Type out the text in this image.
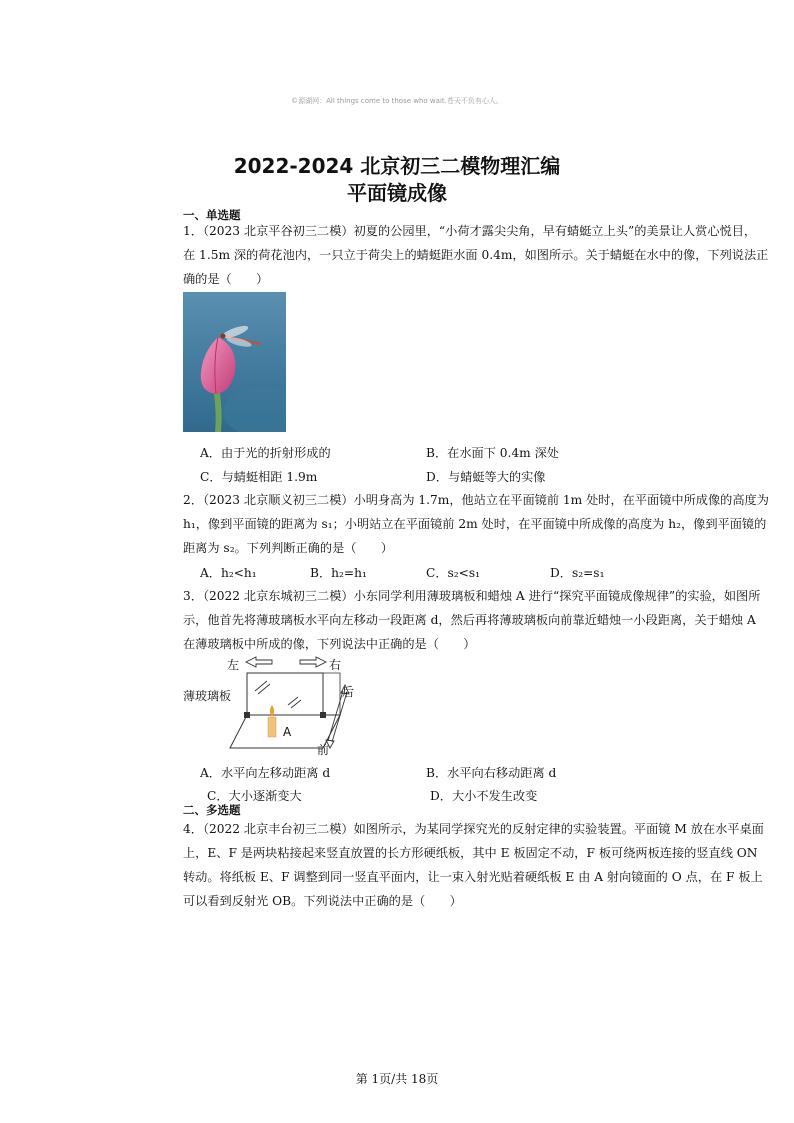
©源湖网：All things come to those who wait.苍天不负有心人。
2022-2024 北京初三二模物理汇编
平面镜成像
一、单选题
1．（2023 北京平谷初三二模）初夏的公园里，“小荷才露尖尖角，早有蜻蜓立上头”的美景让人赏心悦目，
在 1.5m 深的荷花池内，一只立于荷尖上的蜻蜓距水面 0.4m，如图所示。关于蜻蜓在水中的像，下列说法正
确的是（　　）
A．由于光的折射形成的	B．在水面下 0.4m 深处
C．与蜻蜓相距 1.9m	D．与蜻蜓等大的实像
2．（2023 北京顺义初三二模）小明身高为 1.7m，他站立在平面镜前 1m 处时，在平面镜中所成像的高度为
h₁，像到平面镜的距离为 s₁；小明站立在平面镜前 2m 处时，在平面镜中所成像的高度为 h₂，像到平面镜的
距离为 s₂。下列判断正确的是（　　）
A．h₂<h₁	B．h₂=h₁	C．s₂<s₁	D．s₂=s₁
3．（2022 北京东城初三二模）小东同学利用薄玻璃板和蜡烛 A 进行“探究平面镜成像规律”的实验，如图所
示，他首先将薄玻璃板水平向左移动一段距离 d，然后再将薄玻璃板向前靠近蜡烛一小段距离，关于蜡烛 A
在薄玻璃板中所成的像，下列说法中正确的是（　　）
左	右
后
前
薄玻璃板
A
A．水平向左移动距离 d	B．水平向右移动距离 d
C．大小逐渐变大	D．大小不发生改变
二、多选题
4．（2022 北京丰台初三二模）如图所示，为某同学探究光的反射定律的实验装置。平面镜 M 放在水平桌面
上，E、F 是两块粘接起来竖直放置的长方形硬纸板，其中 E 板固定不动，F 板可绕两板连接的竖直线 ON
转动。将纸板 E、F 调整到同一竖直平面内，让一束入射光贴着硬纸板 E 由 A 射向镜面的 O 点，在 F 板上
可以看到反射光 OB。下列说法中正确的是（　　）
第 1页/共 18页
